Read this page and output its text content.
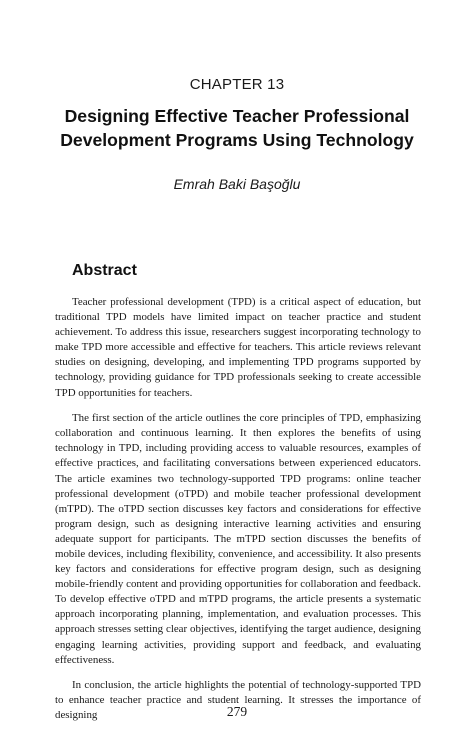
CHAPTER 13
Designing Effective Teacher Professional Development Programs Using Technology
Emrah Baki Başoğlu
Abstract

Teacher professional development (TPD) is a critical aspect of education, but traditional TPD models have limited impact on teacher practice and student achievement. To address this issue, researchers suggest incorporating technology to make TPD more accessible and effective for teachers. This article reviews relevant studies on designing, developing, and implementing TPD programs supported by technology, providing guidance for TPD professionals seeking to create accessible TPD opportunities for teachers.

The first section of the article outlines the core principles of TPD, emphasizing collaboration and continuous learning. It then explores the benefits of using technology in TPD, including providing access to valuable resources, examples of effective practices, and facilitating conversations between experienced educators. The article examines two technology-supported TPD programs: online teacher professional development (oTPD) and mobile teacher professional development (mTPD). The oTPD section discusses key factors and considerations for effective program design, such as designing interactive learning activities and ensuring adequate support for participants. The mTPD section discusses the benefits of mobile devices, including flexibility, convenience, and accessibility. It also presents key factors and considerations for effective program design, such as designing mobile-friendly content and providing opportunities for collaboration and feedback. To develop effective oTPD and mTPD programs, the article presents a systematic approach incorporating planning, implementation, and evaluation processes. This approach stresses setting clear objectives, identifying the target audience, designing engaging learning activities, providing support and feedback, and evaluating effectiveness.

In conclusion, the article highlights the potential of technology-supported TPD to enhance teacher practice and student learning. It stresses the importance of designing	279
